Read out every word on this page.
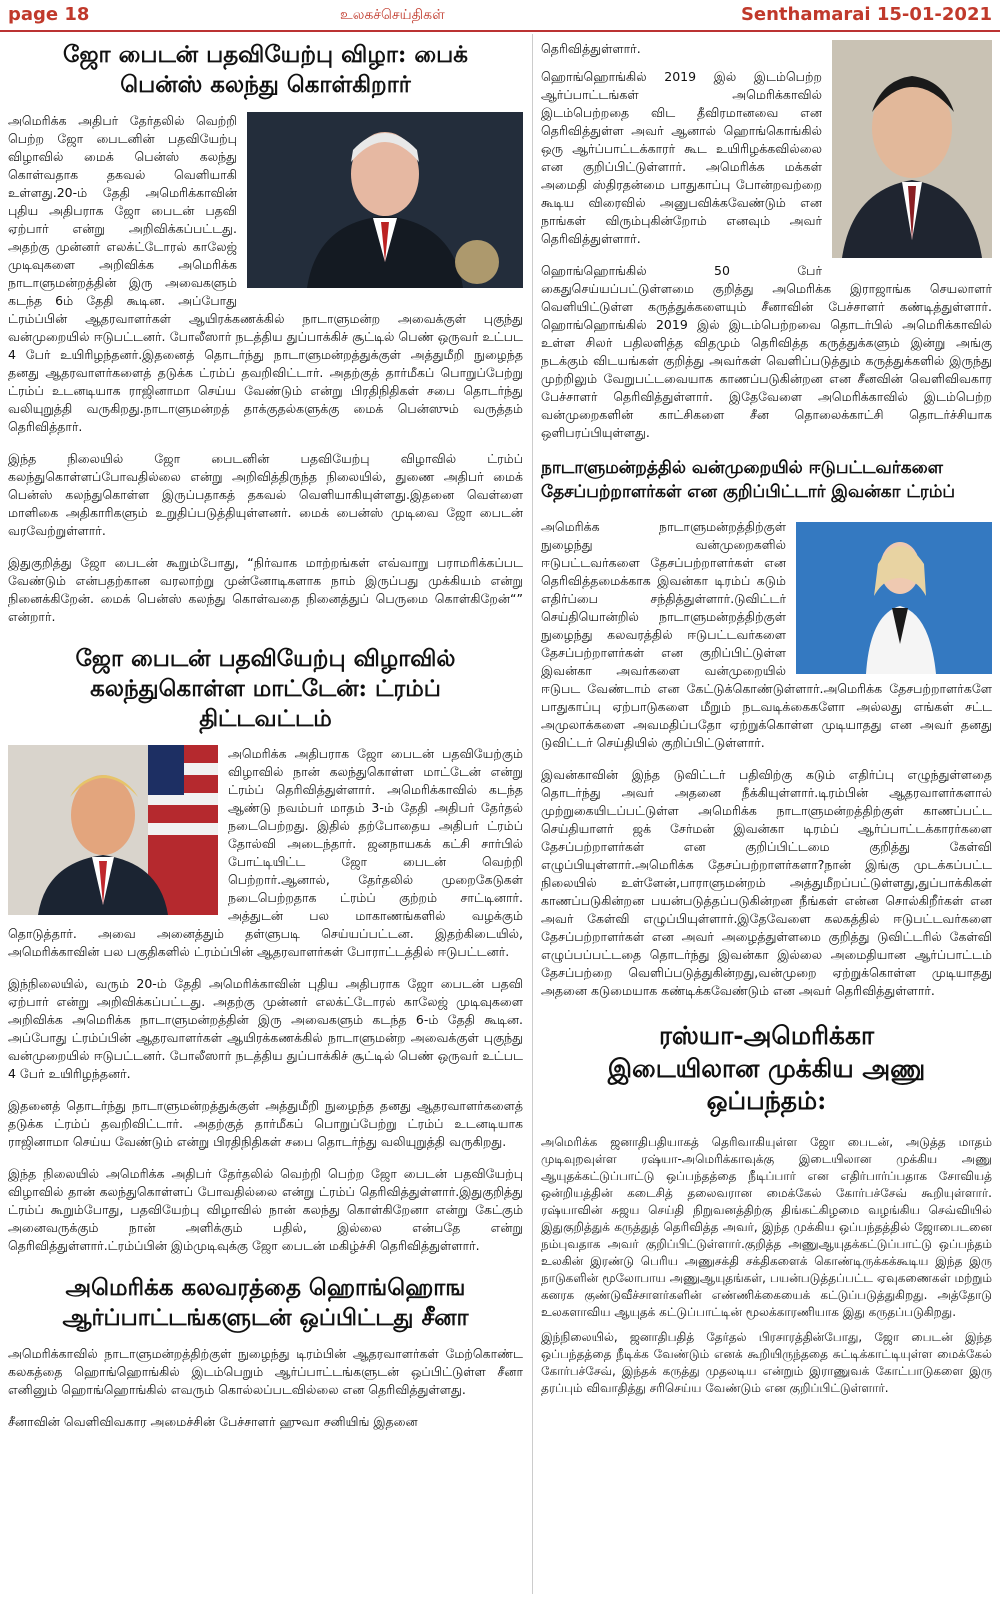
page 18	உலகச்செய்திகள்	Senthamarai 15-01-2021
ஜோ பைடன் பதவியேற்பு விழா: பைக் பென்ஸ் கலந்து கொள்கிறார்

அமெரிக்க அதிபர் தேர்தலில் வெற்றி பெற்ற ஜோ பைடனின் பதவியேற்பு விழாவில் மைக் பென்ஸ் கலந்து கொள்வதாக தகவல் வெளியாகி உள்ளது.20-ம் தேதி அமெரிக்காவின் புதிய அதிபராக ஜோ பைடன் பதவி ஏற்பார் என்று அறிவிக்கப்பட்டது. அதற்கு முன்னர் எலக்ட்டோரல் காலேஜ் முடிவுகளை அறிவிக்க அமெரிக்க நாடாளுமன்றத்தின் இரு அவைகளும் கடந்த 6ம் தேதி கூடின. அப்போது ட்ரம்ப்பின் ஆதரவாளர்கள் ஆயிரக்கணக்கில் நாடாளுமன்ற அவைக்குள் புகுந்து வன்முறையில் ஈடுபட்டனர். போலீஸார் நடத்திய துப்பாக்கிச் சூட்டில் பெண் ஒருவர் உட்பட 4 பேர் உயிரிழந்தனர்.இதனைத் தொடர்ந்து நாடாளுமன்றத்துக்குள் அத்துமீறி நுழைந்த தனது ஆதரவாளர்களைத் தடுக்க ட்ரம்ப் தவறிவிட்டார். அதற்குத் தார்மீகப் பொறுப்பேற்று ட்ரம்ப் உடனடியாக ராஜினாமா செய்ய வேண்டும் என்று பிரதிநிதிகள் சபை தொடர்ந்து வலியுறுத்தி வருகிறது.நாடாளுமன்றத் தாக்குதல்களுக்கு மைக் பென்ஸும் வருத்தம் தெரிவித்தார்.

இந்த நிலையில் ஜோ பைடனின் பதவியேற்பு விழாவில் ட்ரம்ப் கலந்துகொள்ளப்போவதில்லை என்று அறிவித்திருந்த நிலையில், துணை அதிபர் மைக் பென்ஸ் கலந்துகொள்ள இருப்பதாகத் தகவல் வெளியாகியுள்ளது.இதனை வெள்ளை மாளிகை அதிகாரிகளும் உறுதிப்படுத்தியுள்ளனர். மைக் பைன்ஸ் முடிவை ஜோ பைடன் வரவேற்றுள்ளார்.

இதுகுறித்து ஜோ பைடன் கூறும்போது, “நிர்வாக மாற்றங்கள் எவ்வாறு பராமரிக்கப்பட வேண்டும் என்பதற்கான வரலாற்று முன்னோடிகளாக நாம் இருப்பது முக்கியம் என்று நினைக்கிறேன். மைக் பென்ஸ் கலந்து கொள்வதை நினைத்துப் பெருமை கொள்கிறேன்“” என்றார்.

ஜோ பைடன் பதவியேற்பு விழாவில் கலந்துகொள்ள மாட்டேன்: ட்ரம்ப் திட்டவட்டம்

அமெரிக்க அதிபராக ஜோ பைடன் பதவியேற்கும் விழாவில் நான் கலந்துகொள்ள மாட்டேன் என்று ட்ரம்ப் தெரிவித்துள்ளார். அமெரிக்காவில் கடந்த ஆண்டு நவம்பர் மாதம் 3-ம் தேதி அதிபர் தேர்தல் நடைபெற்றது. இதில் தற்போதைய அதிபர் ட்ரம்ப் தோல்வி அடைந்தார். ஜனநாயகக் கட்சி சார்பில் போட்டியிட்ட ஜோ பைடன் வெற்றி பெற்றார்.ஆனால், தேர்தலில் முறைகேடுகள் நடைபெற்றதாக ட்ரம்ப் குற்றம் சாட்டினார். அத்துடன் பல மாகாணங்களில் வழக்கும் தொடுத்தார். அவை அனைத்தும் தள்ளுபடி செய்யப்பட்டன. இதற்கிடையில், அமெரிக்காவின் பல பகுதிகளில் ட்ரம்ப்பின் ஆதரவாளர்கள் போராட்டத்தில் ஈடுபட்டனர்.

இந்நிலையில், வரும் 20-ம் தேதி அமெரிக்காவின் புதிய அதிபராக ஜோ பைடன் பதவி ஏற்பார் என்று அறிவிக்கப்பட்டது. அதற்கு முன்னர் எலக்ட்டோரல் காலேஜ் முடிவுகளை அறிவிக்க அமெரிக்க நாடாளுமன்றத்தின் இரு அவைகளும் கடந்த 6-ம் தேதி கூடின. அப்போது ட்ரம்ப்பின் ஆதரவாளர்கள் ஆயிரக்கணக்கில் நாடாளுமன்ற அவைக்குள் புகுந்து வன்முறையில் ஈடுபட்டனர். போலீஸார் நடத்திய துப்பாக்கிச் சூட்டில் பெண் ஒருவர் உட்பட 4 பேர் உயிரிழந்தனர்.

இதனைத் தொடர்ந்து நாடாளுமன்றத்துக்குள் அத்துமீறி நுழைந்த தனது ஆதரவாளர்களைத் தடுக்க ட்ரம்ப் தவறிவிட்டார். அதற்குத் தார்மீகப் பொறுப்பேற்று ட்ரம்ப் உடனடியாக ராஜினாமா செய்ய வேண்டும் என்று பிரதிநிதிகள் சபை தொடர்ந்து வலியுறுத்தி வருகிறது.

இந்த நிலையில் அமெரிக்க அதிபர் தேர்தலில் வெற்றி பெற்ற ஜோ பைடன் பதவியேற்பு விழாவில் தான் கலந்துகொள்ளப் போவதில்லை என்று ட்ரம்ப் தெரிவித்துள்ளார்.இதுகுறித்து ட்ரம்ப் கூறும்போது, பதவியேற்பு விழாவில் நான் கலந்து கொள்கிறேனா என்று கேட்கும் அனைவருக்கும் நான் அளிக்கும் பதில், இல்லை என்பதே என்று தெரிவித்துள்ளார்.ட்ரம்ப்பின் இம்முடிவுக்கு ஜோ பைடன் மகிழ்ச்சி தெரிவித்துள்ளார்.

அமெரிக்க கலவரத்தை ஹொங்ஹொங ஆர்ப்பாட்டங்களுடன் ஒப்பிட்டது சீனா

அமெரிக்காவில் நாடாளுமன்றத்திற்குள் நுழைந்து டிரம்பின் ஆதரவாளர்கள் மேற்கொண்ட கலகத்தை ஹொங்ஹொங்கில் இடம்பெறும் ஆர்ப்பாட்டங்களுடன் ஒப்பிட்டுள்ள சீனா எனினும் ஹொங்ஹொங்கில் எவரும் கொல்லப்படவில்லை என தெரிவித்துள்ளது.

சீனாவின் வெளிவிவகார அமைச்சின் பேச்சாளர் ஹுவா சனியிங் இதனை

தெரிவித்துள்ளார்.

ஹொங்ஹொங்கில் 2019 இல் இடம்பெற்ற ஆர்ப்பாட்டங்கள் அமெரிக்காவில் இடம்பெற்றதை விட தீவிரமானவை என தெரிவித்துள்ள அவர் ஆனால் ஹொங்கொங்கில் ஒரு ஆர்ப்பாட்டக்காரர் கூட உயிரிழக்கவில்லை என குறிப்பிட்டுள்ளார். அமெரிக்க மக்கள் அமைதி ஸ்திரதன்மை பாதுகாப்பு போன்றவற்றை கூடிய விரைவில் அனுபவிக்கவேண்டும் என நாங்கள் விரும்புகின்றோம் எனவும் அவர் தெரிவித்துள்ளார்.

ஹொங்ஹொங்கில் 50 பேர் கைதுசெய்யப்பட்டுள்ளமை குறித்து அமெரிக்க இராஜாங்க செயலாளர் வெளியிட்டுள்ள கருத்துக்களையும் சீனாவின் பேச்சாளர் கண்டித்துள்ளார். ஹொங்ஹொங்கில் 2019 இல் இடம்பெற்றவை தொடர்பில் அமெரிக்காவில் உள்ள சிலர் பதிலளித்த விதமும் தெரிவித்த கருத்துக்களும் இன்று அங்கு நடக்கும் விடயங்கள் குறித்து அவர்கள் வெளிப்படுத்தும் கருத்துக்களில் இருந்து முற்றிலும் வேறுபட்டவையாக காணப்படுகின்றன என சீனவின் வெளிவிவகார பேச்சாளர் தெரிவித்துள்ளார். இதேவேளை அமெரிக்காவில் இடம்பெற்ற வன்முறைகளின் காட்சிகளை சீன தொலைக்காட்சி தொடர்ச்சியாக ஒளிபரப்பியுள்ளது.

நாடாளுமன்றத்தில் வன்முறையில் ஈடுபட்டவர்களை தேசப்பற்றாளர்கள் என குறிப்பிட்டார் இவன்கா ட்ரம்ப்

அமெரிக்க நாடாளுமன்றத்திற்குள் நுழைந்து வன்முறைகளில் ஈடுபட்டவர்களை தேசப்பற்றாளர்கள் என தெரிவித்தமைக்காக இவன்கா டிரம்ப் கடும் எதிர்ப்பை சந்தித்துள்ளார்.டுவிட்டர் செய்தியொன்றில் நாடாளுமன்றத்திற்குள் நுழைந்து கலவரத்தில் ஈடுபட்டவர்களை தேசப்பற்றாளர்கள் என குறிப்பிட்டுள்ள இவன்கா அவர்களை வன்முறையில் ஈடுபட வேண்டாம் என கேட்டுக்கொண்டுள்ளார்.அமெரிக்க தேசபற்றாளர்களே பாதுகாப்பு ஏற்பாடுகளை மீறும் நடவடிக்கைகளோ அல்லது எங்கள் சட்ட அமுலாக்களை அவமதிப்பதோ ஏற்றுக்கொள்ள முடியாதது என அவர் தனது டுவிட்டர் செய்தியில் குறிப்பிட்டுள்ளார்.

இவன்காவின் இந்த டுவிட்டர் பதிவிற்கு கடும் எதிர்ப்பு எழுந்துள்ளதை தொடர்ந்து அவர் அதனை நீக்கியுள்ளார்.டிரம்பின் ஆதரவாளர்களால் முற்றுகையிடப்பட்டுள்ள அமெரிக்க நாடாளுமன்றத்திற்குள் காணப்பட்ட செய்தியாளர் ஜக் சேர்மன் இவன்கா டிரம்ப் ஆர்ப்பாட்டக்காரர்களை தேசப்பற்றாளர்கள் என குறிப்பிட்டமை குறித்து கேள்வி எழுப்பியுள்ளார்.அமெரிக்க தேசப்பற்றாளர்களா?நான் இங்கு முடக்கப்பட்ட நிலையில் உள்ளேன்,பாராளுமன்றம் அத்துமீறப்பட்டுள்ளது,துப்பாக்கிகள் காணப்படுகின்றன பயன்படுத்தப்படுகின்றன நீங்கள் என்ன சொல்கிறீர்கள் என அவர் கேள்வி எழுப்பியுள்ளார்.இதேவேளை கலகத்தில் ஈடுபட்டவர்களை தேசப்பற்றாளர்கள் என அவர் அழைத்துள்ளமை குறித்து டுவிட்டரில் கேள்வி எழுப்பப்பட்டதை தொடர்ந்து இவன்கா இல்லை அமைதியான ஆர்ப்பாட்டம் தேசப்பற்றை வெளிப்படுத்துகின்றது,வன்முறை ஏற்றுக்கொள்ள முடியாதது அதனை கடுமையாக கண்டிக்கவேண்டும் என அவர் தெரிவித்துள்ளார்.

ரஸ்யா-அமெரிக்கா இடையிலான முக்கிய அணு ஒப்பந்தம்:

அமெரிக்க ஜனாதிபதியாகத் தெரிவாகியுள்ள ஜோ பைடன், அடுத்த மாதம் முடிவுறவுள்ள ரஷ்யா-அமெரிக்காவுக்கு இடையிலான முக்கிய அணு ஆயுதக்கட்டுப்பாட்டு ஒப்பந்தத்தை நீடிப்பார் என எதிர்பார்ப்பதாக சோவியத் ஒன்றியத்தின் கடைசித் தலைவரான மைக்கேல் கோர்பச்சேவ் கூறியுள்ளார். ரஷ்யாவின் சுஜய செய்தி நிறுவனத்திற்கு திங்கட்கிழமை வழங்கிய செவ்வியில் இதுகுறித்துக் கருத்துத் தெரிவித்த அவர், இந்த முக்கிய ஒப்பந்தத்தில் ஜோபைடனை நம்புவதாக அவர் குறிப்பிட்டுள்ளார்.குறித்த அணுஆயுதக்கட்டுப்பாட்டு ஒப்பந்தம் உலகின் இரண்டு பெரிய அணுசக்தி சக்திகளைக் கொண்டிருக்கக்கூடிய இந்த இரு நாடுகளின் மூலோபாய அணுஆயுதங்கள், பயன்படுத்தப்பட்ட ஏவுகணைகள் மற்றும் கனரக குண்டுவீச்சாளர்களின் எண்ணிக்கையைக் கட்டுப்படுத்துகிறது. அத்தோடு உலகளாவிய ஆயுதக் கட்டுப்பாட்டின் மூலக்காரணியாக இது கருதப்படுகிறது.

இந்நிலையில், ஜனாதிபதித் தேர்தல் பிரசாரத்தின்போது, ஜோ பைடன் இந்த ஒப்பந்தத்தை நீடிக்க வேண்டும் எனக் கூறியிருந்ததை சுட்டிக்காட்டியுள்ள மைக்கேல் கோர்பச்சேவ், இந்தக் கருத்து முதலடிய என்றும் இராணுவக் கோட்பாடுகளை இரு தரப்பும் விவாதித்து சரிசெய்ய வேண்டும் என குறிப்பிட்டுள்ளார்.
